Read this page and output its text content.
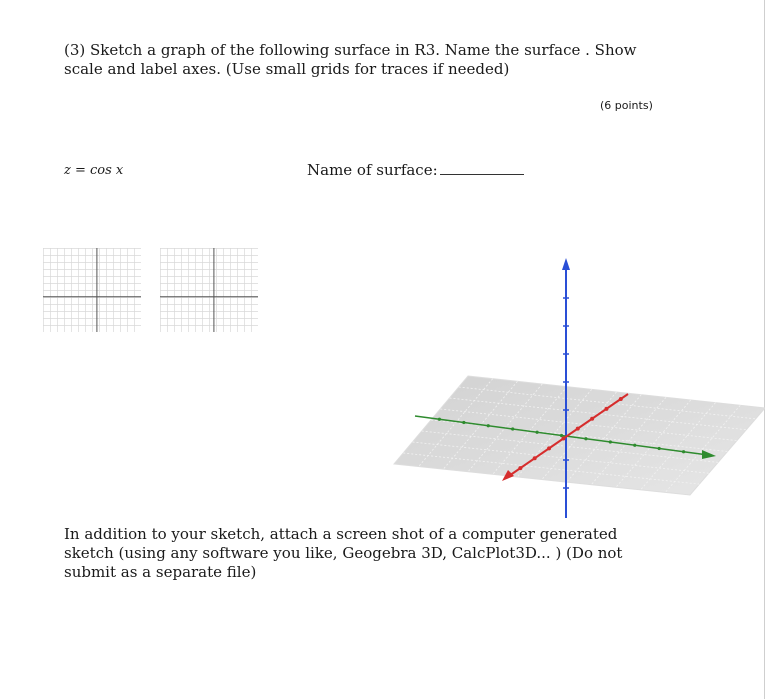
(3) Sketch a graph of the following surface in R3. Name the surface . Show scale and label axes. (Use small grids for traces if needed)
(6 points)
z = cos x	Name of surface:
In addition to your sketch, attach a screen shot of a computer generated sketch (using any software you like, Geogebra 3D, CalcPlot3D... ) (Do not submit as a separate file)
